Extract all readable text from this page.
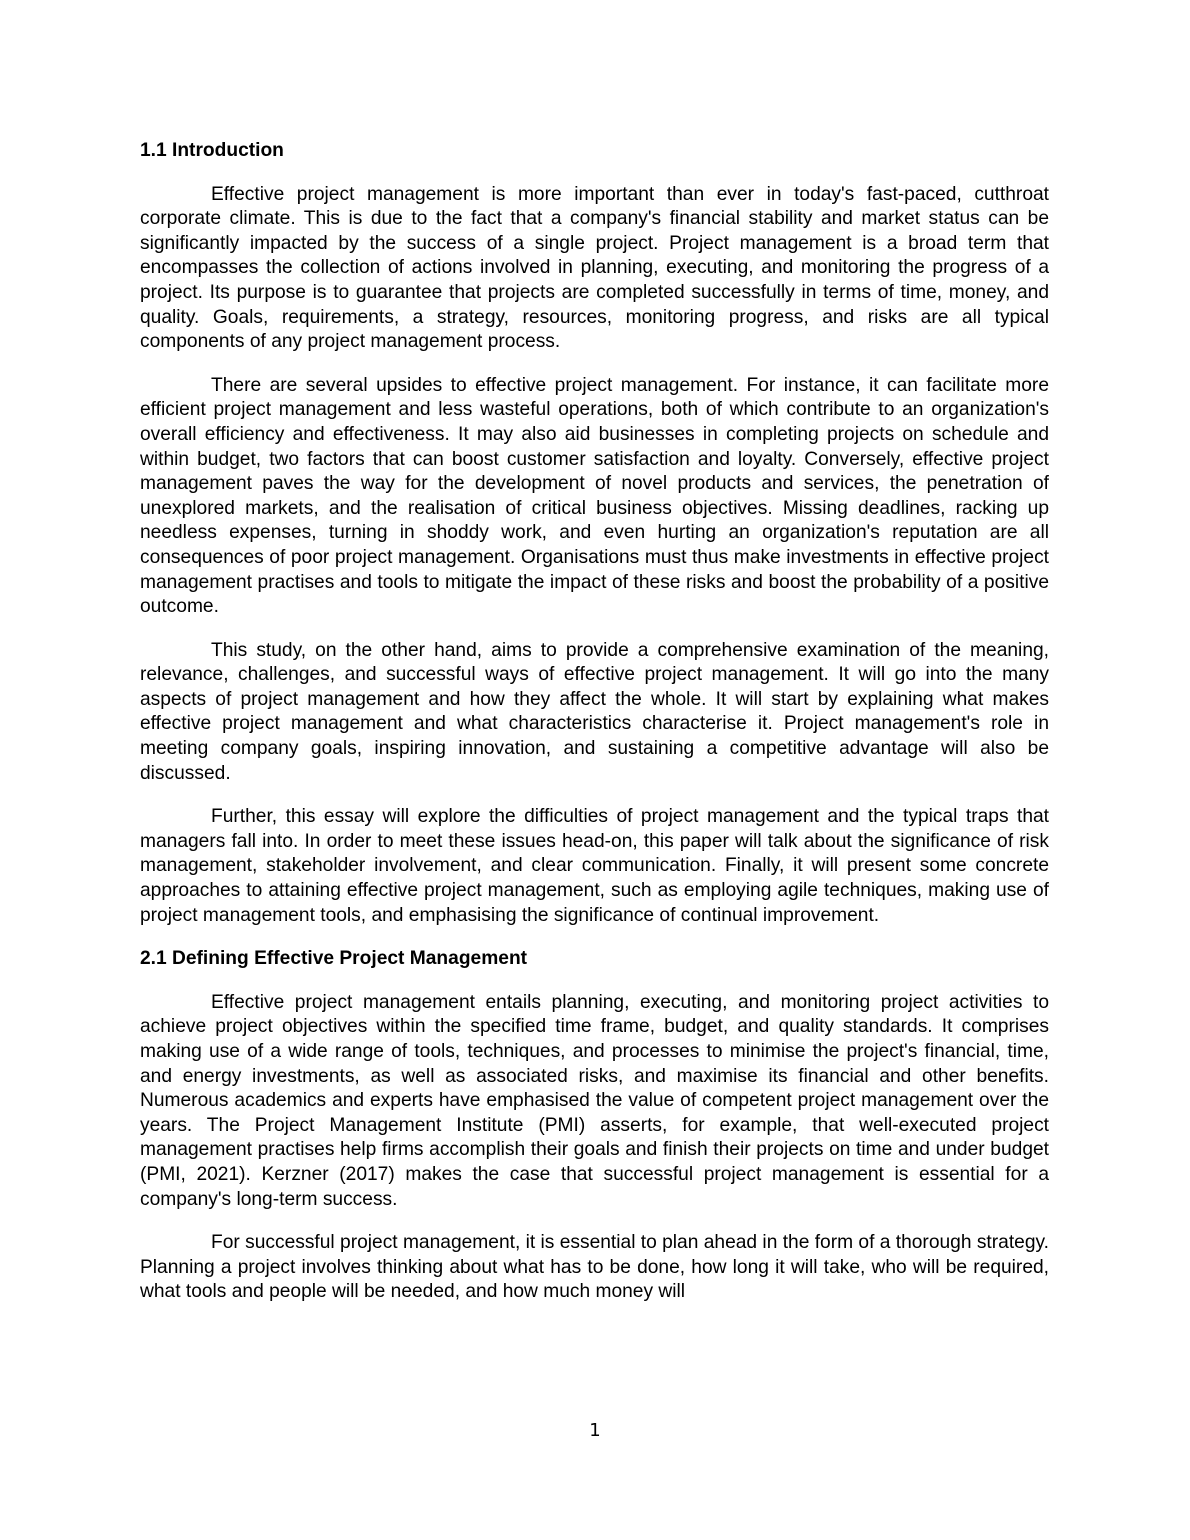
1.1 Introduction

Effective project management is more important than ever in today's fast-paced, cutthroat corporate climate. This is due to the fact that a company's financial stability and market status can be significantly impacted by the success of a single project. Project management is a broad term that encompasses the collection of actions involved in planning, executing, and monitoring the progress of a project. Its purpose is to guarantee that projects are completed successfully in terms of time, money, and quality. Goals, requirements, a strategy, resources, monitoring progress, and risks are all typical components of any project management process.

There are several upsides to effective project management. For instance, it can facilitate more efficient project management and less wasteful operations, both of which contribute to an organization's overall efficiency and effectiveness. It may also aid businesses in completing projects on schedule and within budget, two factors that can boost customer satisfaction and loyalty. Conversely, effective project management paves the way for the development of novel products and services, the penetration of unexplored markets, and the realisation of critical business objectives. Missing deadlines, racking up needless expenses, turning in shoddy work, and even hurting an organization's reputation are all consequences of poor project management. Organisations must thus make investments in effective project management practises and tools to mitigate the impact of these risks and boost the probability of a positive outcome.

This study, on the other hand, aims to provide a comprehensive examination of the meaning, relevance, challenges, and successful ways of effective project management. It will go into the many aspects of project management and how they affect the whole. It will start by explaining what makes effective project management and what characteristics characterise it. Project management's role in meeting company goals, inspiring innovation, and sustaining a competitive advantage will also be discussed.

Further, this essay will explore the difficulties of project management and the typical traps that managers fall into. In order to meet these issues head-on, this paper will talk about the significance of risk management, stakeholder involvement, and clear communication. Finally, it will present some concrete approaches to attaining effective project management, such as employing agile techniques, making use of project management tools, and emphasising the significance of continual improvement.

2.1 Defining Effective Project Management

Effective project management entails planning, executing, and monitoring project activities to achieve project objectives within the specified time frame, budget, and quality standards. It comprises making use of a wide range of tools, techniques, and processes to minimise the project's financial, time, and energy investments, as well as associated risks, and maximise its financial and other benefits. Numerous academics and experts have emphasised the value of competent project management over the years. The Project Management Institute (PMI) asserts, for example, that well-executed project management practises help firms accomplish their goals and finish their projects on time and under budget (PMI, 2021). Kerzner (2017) makes the case that successful project management is essential for a company's long-term success.

For successful project management, it is essential to plan ahead in the form of a thorough strategy. Planning a project involves thinking about what has to be done, how long it will take, who will be required, what tools and people will be needed, and how much money will

1
